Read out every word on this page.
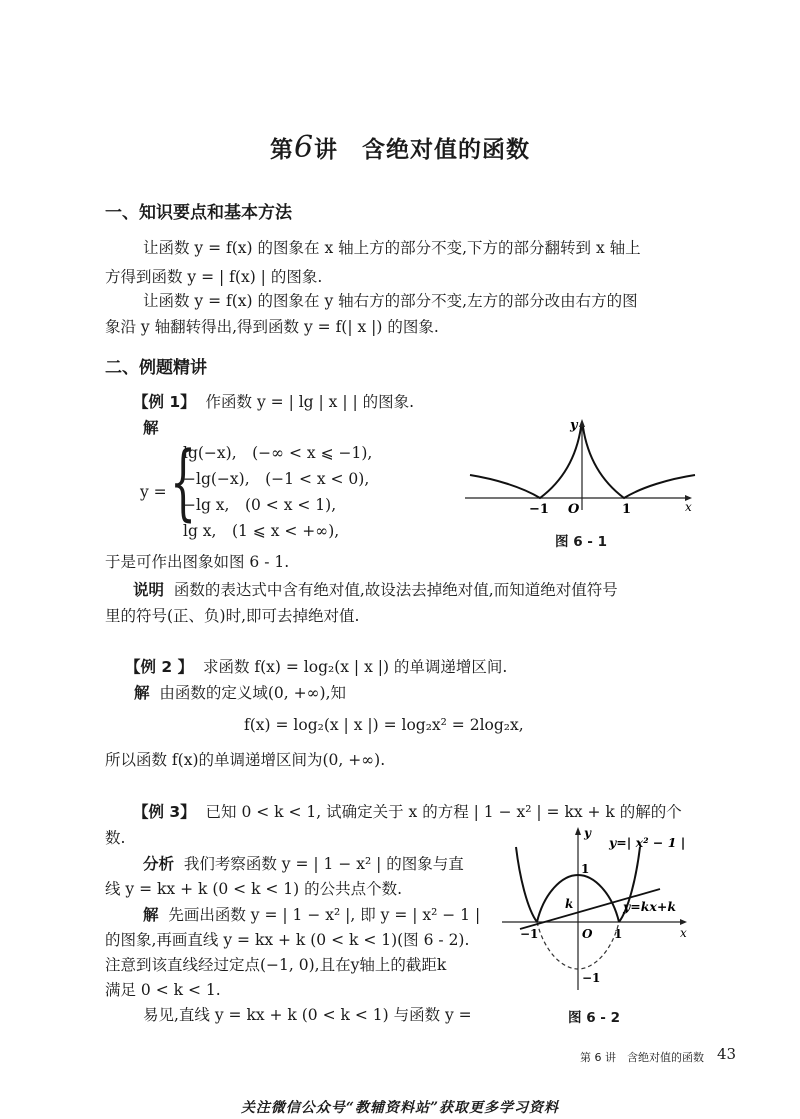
第6讲　含绝对值的函数
一、知识要点和基本方法
让函数 y = f(x) 的图象在 x 轴上方的部分不变,下方的部分翻转到 x 轴上
方得到函数 y = | f(x) | 的图象.
让函数 y = f(x) 的图象在 y 轴右方的部分不变,左方的部分改由右方的图
象沿 y 轴翻转得出,得到函数 y = f(| x |) 的图象.
二、例题精讲
【例 1】 作函数 y = | lg | x | | 的图象.
解
y = {
lg(−x),　(−∞ < x ⩽ −1),
−lg(−x),　(−1 < x < 0),
−lg x,　(0 < x < 1),
lg x,　(1 ⩽ x < +∞),
y
x
−1 O	1
图 6 - 1
于是可作出图象如图 6 - 1.
说明 函数的表达式中含有绝对值,故设法去掉绝对值,而知道绝对值符号
里的符号(正、负)时,即可去掉绝对值.
【例 2 】 求函数 f(x) = log₂(x | x |) 的单调递增区间.
解 由函数的定义域(0, +∞),知
f(x) = log₂(x | x |) = log₂x² = 2log₂x,
所以函数 f(x)的单调递增区间为(0, +∞).
【例 3】 已知 0 < k < 1, 试确定关于 x 的方程 | 1 − x² | = kx + k 的解的个
数.
分析 我们考察函数 y = | 1 − x² | 的图象与直
线 y = kx + k (0 < k < 1) 的公共点个数.
解 先画出函数 y = | 1 − x² |, 即 y = | x² − 1 |
的图象,再画直线 y = kx + k (0 < k < 1)(图 6 - 2).
注意到该直线经过定点(−1, 0),且在y轴上的截距k
满足 0 < k < 1.
易见,直线 y = kx + k (0 < k < 1) 与函数 y =
y=| x² − 1 |
y=kx+k
y
x
−1	O 1
1
−1
k
图 6 - 2
第 6 讲　含绝对值的函数 43
关注微信公众号“教辅资料站”获取更多学习资料
